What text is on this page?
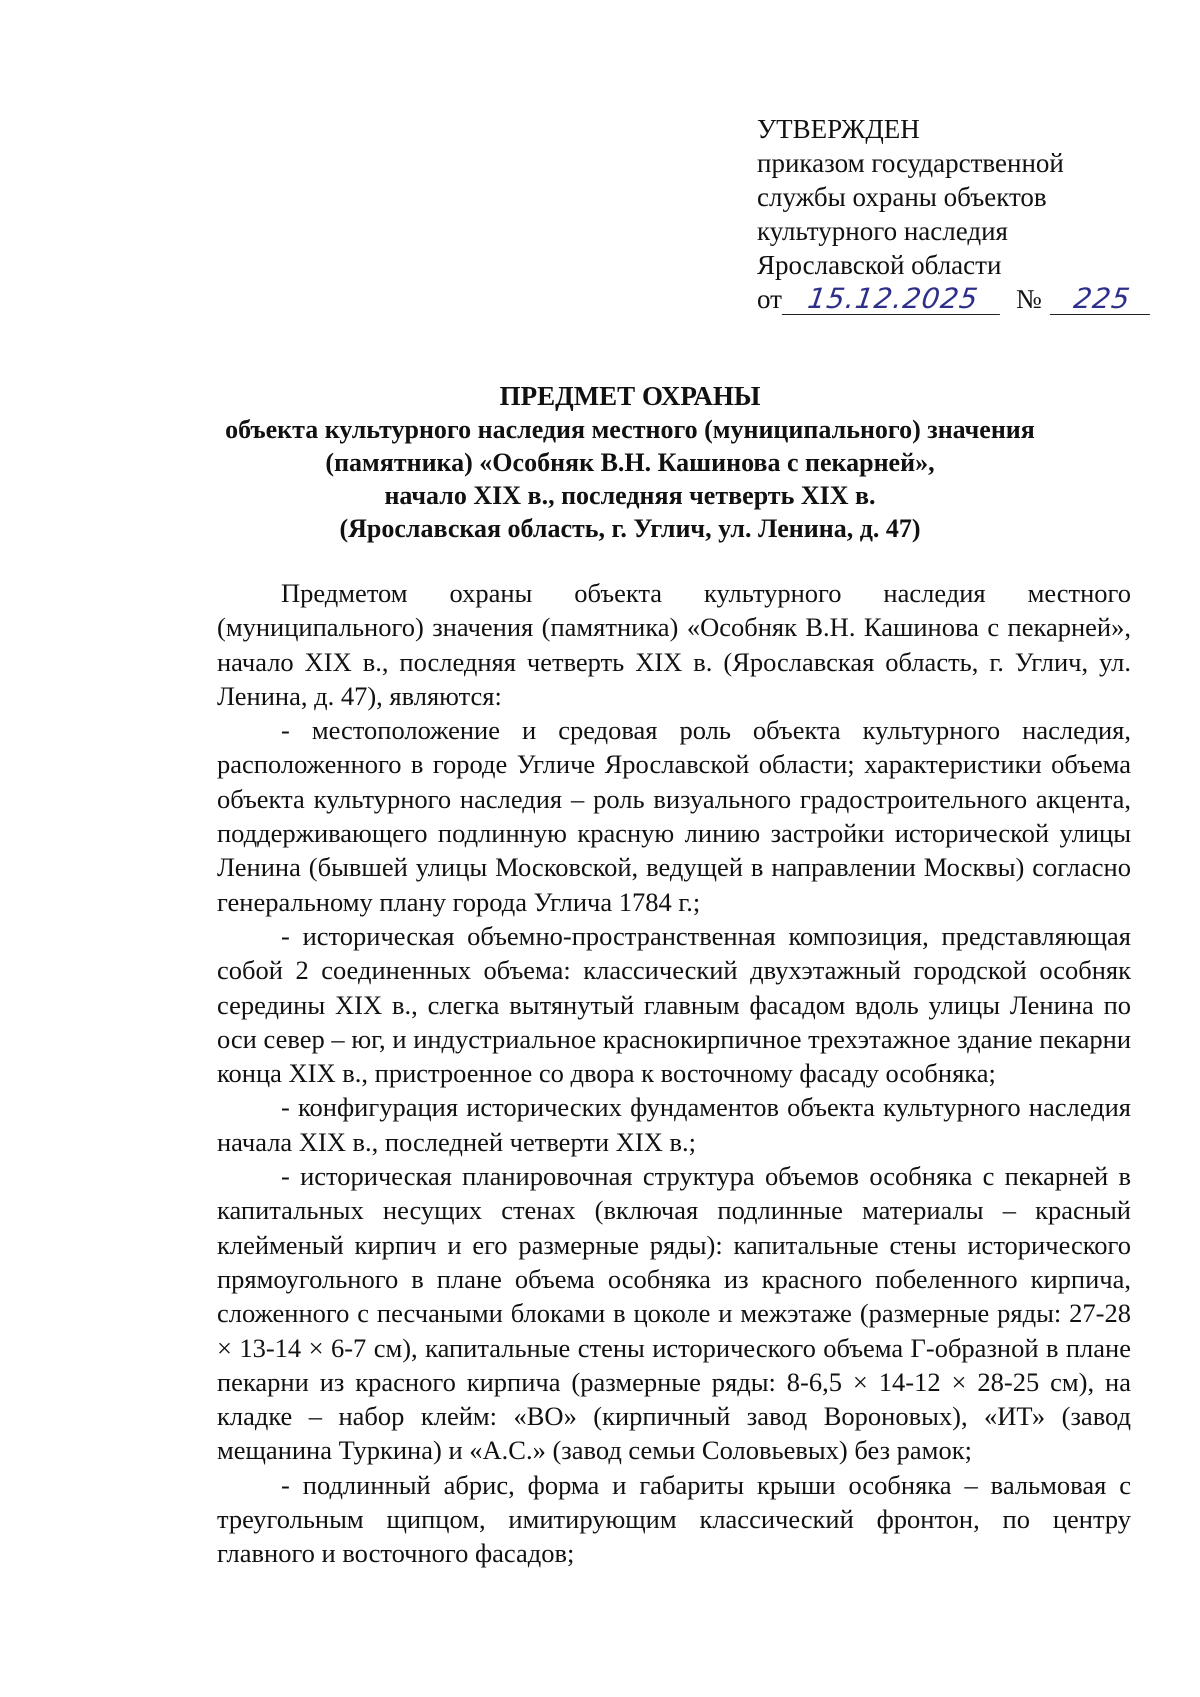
УТВЕРЖДЕН
приказом государственной
службы охраны объектов
культурного наследия
Ярославской области
от 15.12.2025	№	225
ПРЕДМЕТ ОХРАНЫ
объекта культурного наследия местного (муниципального) значения
(памятника) «Особняк В.Н. Кашинова с пекарней»,
начало XIX в., последняя четверть XIX в.
(Ярославская область, г. Углич, ул. Ленина, д. 47)

Предметом охраны объекта культурного наследия местного (муниципального) значения (памятника) «Особняк В.Н. Кашинова с пекарней», начало XIX в., последняя четверть XIX в. (Ярославская область, г. Углич, ул. Ленина, д. 47), являются:

- местоположение и средовая роль объекта культурного наследия, расположенного в городе Угличе Ярославской области; характеристики объема объекта культурного наследия – роль визуального градостроительного акцента, поддерживающего подлинную красную линию застройки исторической улицы Ленина (бывшей улицы Московской, ведущей в направлении Москвы) согласно генеральному плану города Углича 1784 г.;

- историческая объемно-пространственная композиция, представляющая собой 2 соединенных объема: классический двухэтажный городской особняк середины XIX в., слегка вытянутый главным фасадом вдоль улицы Ленина по оси север – юг, и индустриальное краснокирпичное трехэтажное здание пекарни конца XIX в., пристроенное со двора к восточному фасаду особняка;

- конфигурация исторических фундаментов объекта культурного наследия начала XIX в., последней четверти XIX в.;

- историческая планировочная структура объемов особняка с пекарней в капитальных несущих стенах (включая подлинные материалы – красный клейменый кирпич и его размерные ряды): капитальные стены исторического прямоугольного в плане объема особняка из красного побеленного кирпича, сложенного с песчаными блоками в цоколе и межэтаже (размерные ряды: 27-28 × 13-14 × 6-7 см), капитальные стены исторического объема Г-образной в плане пекарни из красного кирпича (размерные ряды: 8-6,5 × 14-12 × 28-25 см), на кладке – набор клейм: «ВО» (кирпичный завод Вороновых), «ИТ» (завод мещанина Туркина) и «А.С.» (завод семьи Соловьевых) без рамок;

- подлинный абрис, форма и габариты крыши особняка – вальмовая с треугольным щипцом, имитирующим классический фронтон, по центру главного и восточного фасадов;
